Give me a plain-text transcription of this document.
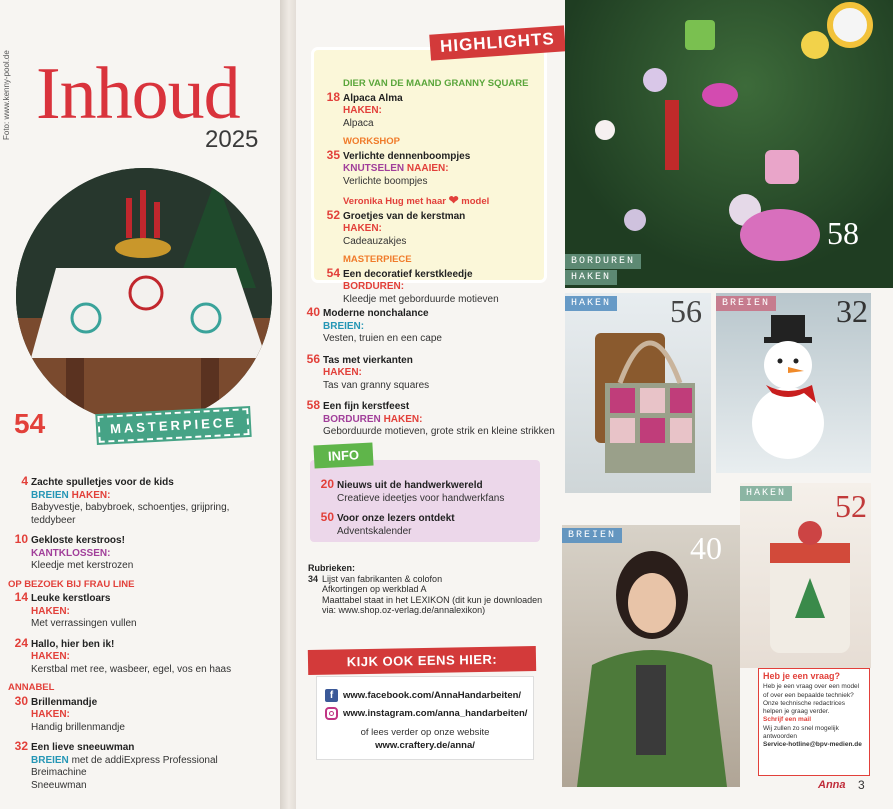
Foto: www.kenny-pool.de Inhoud
2025
54	MASTERPIECE
4 Zachte spulletjes voor de kids
BREIEN HAKEN:
Babyvestje, babybroek, schoentjes, grijpring, teddybeer
10 Gekloste kerstroos!
KANTKLOSSEN:
Kleedje met kerstrozen
OP BEZOEK BIJ FRAU LINE
14 Leuke kerstloars
HAKEN:
Met verrassingen vullen
24 Hallo, hier ben ik!
HAKEN:
Kerstbal met ree, wasbeer, egel, vos en haas
ANNABEL
30 Brillenmandje
HAKEN:
Handig brillenmandje
32 Een lieve sneeuwman
BREIEN met de addiExpress Professional
Breimachine
Sneeuwman
DIER VAN DE MAAND GRANNY SQUARE
18 Alpaca Alma
HAKEN:
Alpaca
WORKSHOP
35 Verlichte dennenboompjes
KNUTSELEN NAAIEN:
Verlichte boompjes
Veronika Hug met haar ❤ model
52 Groetjes van de kerstman
HAKEN:
Cadeauzakjes
MASTERPIECE
54 Een decoratief kerstkleedje
BORDUREN:
Kleedje met geborduurde motieven
HIGHLIGHTS
40 Moderne nonchalance
BREIEN:
Vesten, truien en een cape
56 Tas met vierkanten
HAKEN:
Tas van granny squares
58 Een fijn kerstfeest
BORDUREN HAKEN:
Geborduurde motieven, grote strik en kleine strikken
20 Nieuws uit de handwerkwereld
Creatieve ideetjes voor handwerkfans
50 Voor onze lezers ontdekt
Adventskalender
INFO
Rubrieken:
34 Lijst van fabrikanten & colofon
Afkortingen op werkblad A
Maattabel staat in het LEXIKON (dit kun je downloaden
via: www.shop.oz-verlag.de/annalexikon)
f	www.facebook.com/AnnaHandarbeiten/
www.instagram.com/anna_handarbeiten/
of lees verder op onze website
www.craftery.de/anna/
KIJK OOK EENS HIER:
58
BORDUREN
HAKEN
HAKEN 56	BREIEN 32
HAKEN 52
BREIEN 40
Heb je een vraag?
Heb je een vraag over een model of over een bepaalde techniek? Onze technische redactrices helpen je graag verder.
Schrijf een mail
Wij zullen zo snel mogelijk antwoorden
Service-hotline@bpv-medien.de
Anna 3
